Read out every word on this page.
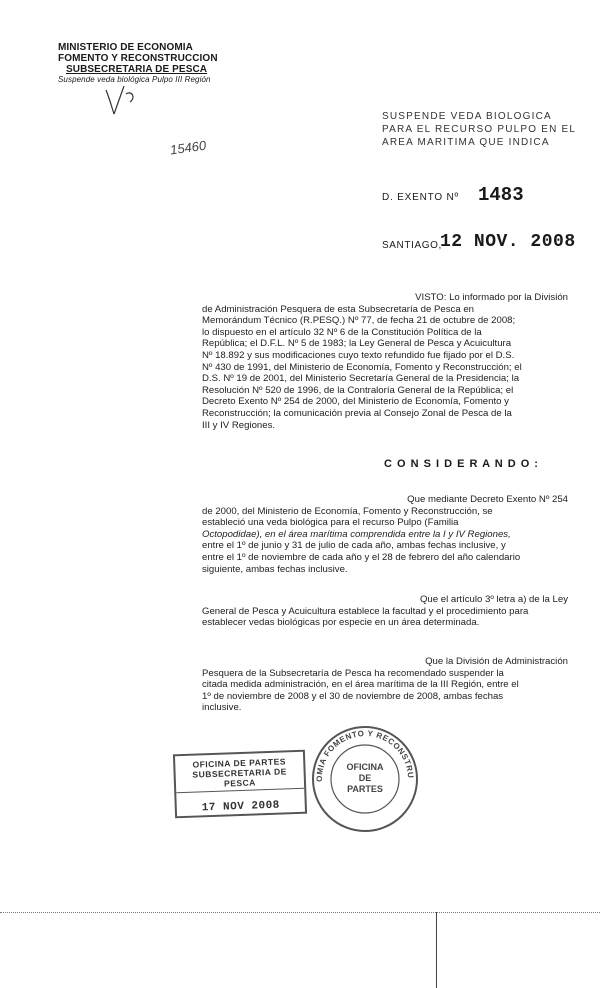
MINISTERIO DE ECONOMIA
FOMENTO Y RECONSTRUCCION
SUBSECRETARIA DE PESCA
Suspende veda biológica Pulpo III Región
15460
SUSPENDE VEDA BIOLOGICA
PARA EL RECURSO PULPO EN EL
AREA MARITIMA QUE INDICA
D. EXENTO Nº 1483
SANTIAGO,
12 NOV. 2008
VISTO: Lo informado por la División
de Administración Pesquera de esta Subsecretaría de Pesca en
Memorándum Técnico (R.PESQ.) Nº 77, de fecha 21 de octubre de 2008;
lo dispuesto en el artículo 32 Nº 6 de la Constitución Política de la
República; el D.F.L. Nº 5 de 1983; la Ley General de Pesca y Acuicultura
Nº 18.892 y sus modificaciones cuyo texto refundido fue fijado por el D.S.
Nº 430 de 1991, del Ministerio de Economía, Fomento y Reconstrucción; el
D.S. Nº 19 de 2001, del Ministerio Secretaría General de la Presidencia; la
Resolución Nº 520 de 1996, de la Contraloría General de la República; el
Decreto Exento Nº 254 de 2000, del Ministerio de Economía, Fomento y
Reconstrucción; la comunicación previa al Consejo Zonal de Pesca de la
III y IV Regiones.
C O N S I D E R A N D O :
Que mediante Decreto Exento Nº 254
de 2000, del Ministerio de Economía, Fomento y Reconstrucción, se
estableció una veda biológica para el recurso Pulpo (Familia
Octopodidae), en el área marítima comprendida entre la I y IV Regiones,
entre el 1º de junio y 31 de julio de cada año, ambas fechas inclusive, y
entre el 1º de noviembre de cada año y el 28 de febrero del año calendario
siguiente, ambas fechas inclusive.
Que el artículo 3º letra a) de la Ley
General de Pesca y Acuicultura establece la facultad y el procedimiento para
establecer vedas biológicas por especie en un área determinada.
Que la División de Administración
Pesquera de la Subsecretaría de Pesca ha recomendado suspender la
citada medida administración, en el área marítima de la III Región, entre el
1º de noviembre de 2008 y el 30 de noviembre de 2008, ambas fechas
inclusive.
OFICINA DE PARTES
SUBSECRETARIA DE PESCA
17 NOV 2008
OMIA FOMENTO Y RECONSTRU
OFICINA
DE
PARTES
